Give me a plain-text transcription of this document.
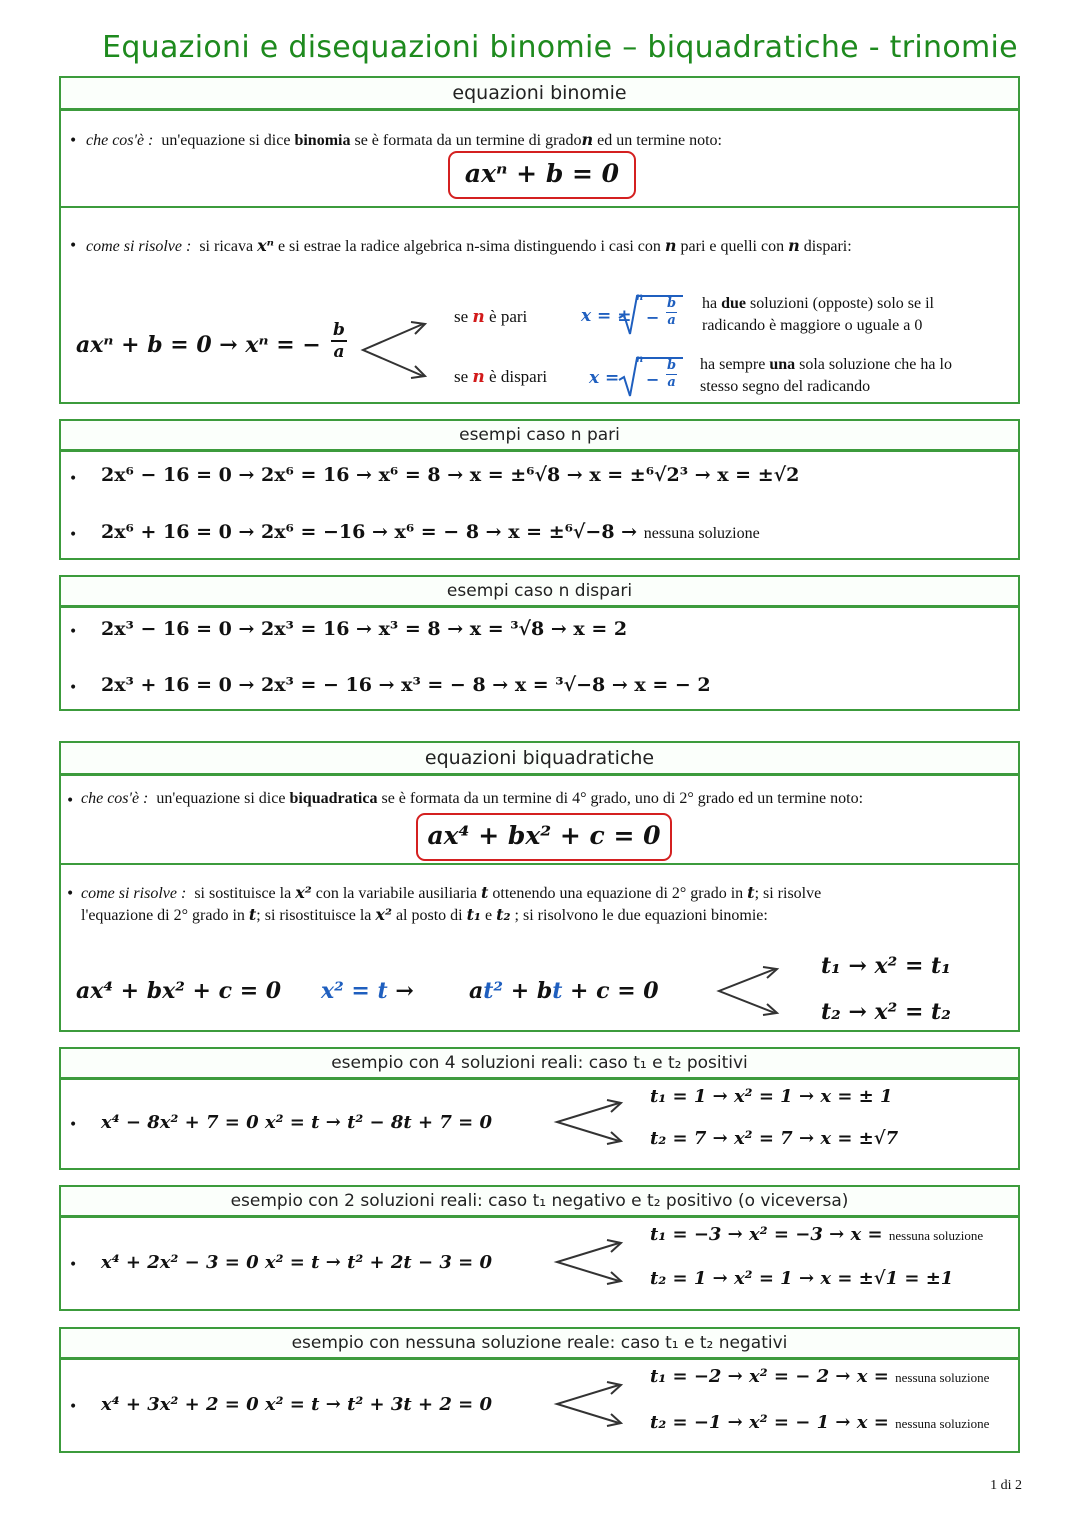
Equazioni e disequazioni binomie – biquadratiche - trinomie
equazioni binomie
• che cos'è : un'equazione si dice binomia se è formata da un termine di gradon ed un termine noto:
axⁿ + b = 0
• come si risolve : si ricava xⁿ e si estrae la radice algebrica n-sima distinguendo i casi con n pari e quelli con n dispari:
axⁿ + b = 0 → xⁿ = −
b
a
se n è pari
se n è dispari
x = ±
n
−
b
a
x =
n
−
b
a
ha due soluzioni (opposte) solo se il
radicando è maggiore o uguale a 0
ha sempre una sola soluzione che ha lo
stesso segno del radicando
esempi caso n pari
• 2x⁶ − 16 = 0 → 2x⁶ = 16 → x⁶ = 8 → x = ±⁶√8 → x = ±⁶√2³ → x = ±√2
• 2x⁶ + 16 = 0 → 2x⁶ = −16 → x⁶ = − 8 → x = ±⁶√−8 → nessuna soluzione
esempi caso n dispari
• 2x³ − 16 = 0 → 2x³ = 16 → x³ = 8 → x = ³√8 → x = 2
• 2x³ + 16 = 0 → 2x³ = − 16 → x³ = − 8 → x = ³√−8 → x = − 2
equazioni biquadratiche
• che cos'è : un'equazione si dice biquadratica se è formata da un termine di 4° grado, uno di 2° grado ed un termine noto:
ax⁴ + bx² + c = 0
• come si risolve : si sostituisce la x² con la variabile ausiliaria t ottenendo una equazione di 2° grado in t; si risolve
l'equazione di 2° grado in t; si risostituisce la x² al posto di t₁ e t₂ ; si risolvono le due equazioni binomie:
ax⁴ + bx² + c = 0 x² = t →	at² + bt + c = 0
t₁ → x² = t₁
t₂ → x² = t₂
esempio con 4 soluzioni reali: caso t₁ e t₂ positivi
• x⁴ − 8x² + 7 = 0 x² = t → t² − 8t + 7 = 0
t₁ = 1 → x² = 1 → x = ± 1
t₂ = 7 → x² = 7 → x = ±√7
esempio con 2 soluzioni reali: caso t₁ negativo e t₂ positivo (o viceversa)
• x⁴ + 2x² − 3 = 0 x² = t → t² + 2t − 3 = 0
t₁ = −3 → x² = −3 → x = nessuna soluzione
t₂ = 1 → x² = 1 → x = ±√1 = ±1
esempio con nessuna soluzione reale: caso t₁ e t₂ negativi
• x⁴ + 3x² + 2 = 0 x² = t → t² + 3t + 2 = 0
t₁ = −2 → x² = − 2 → x = nessuna soluzione
t₂ = −1 → x² = − 1 → x = nessuna soluzione
1 di 2
